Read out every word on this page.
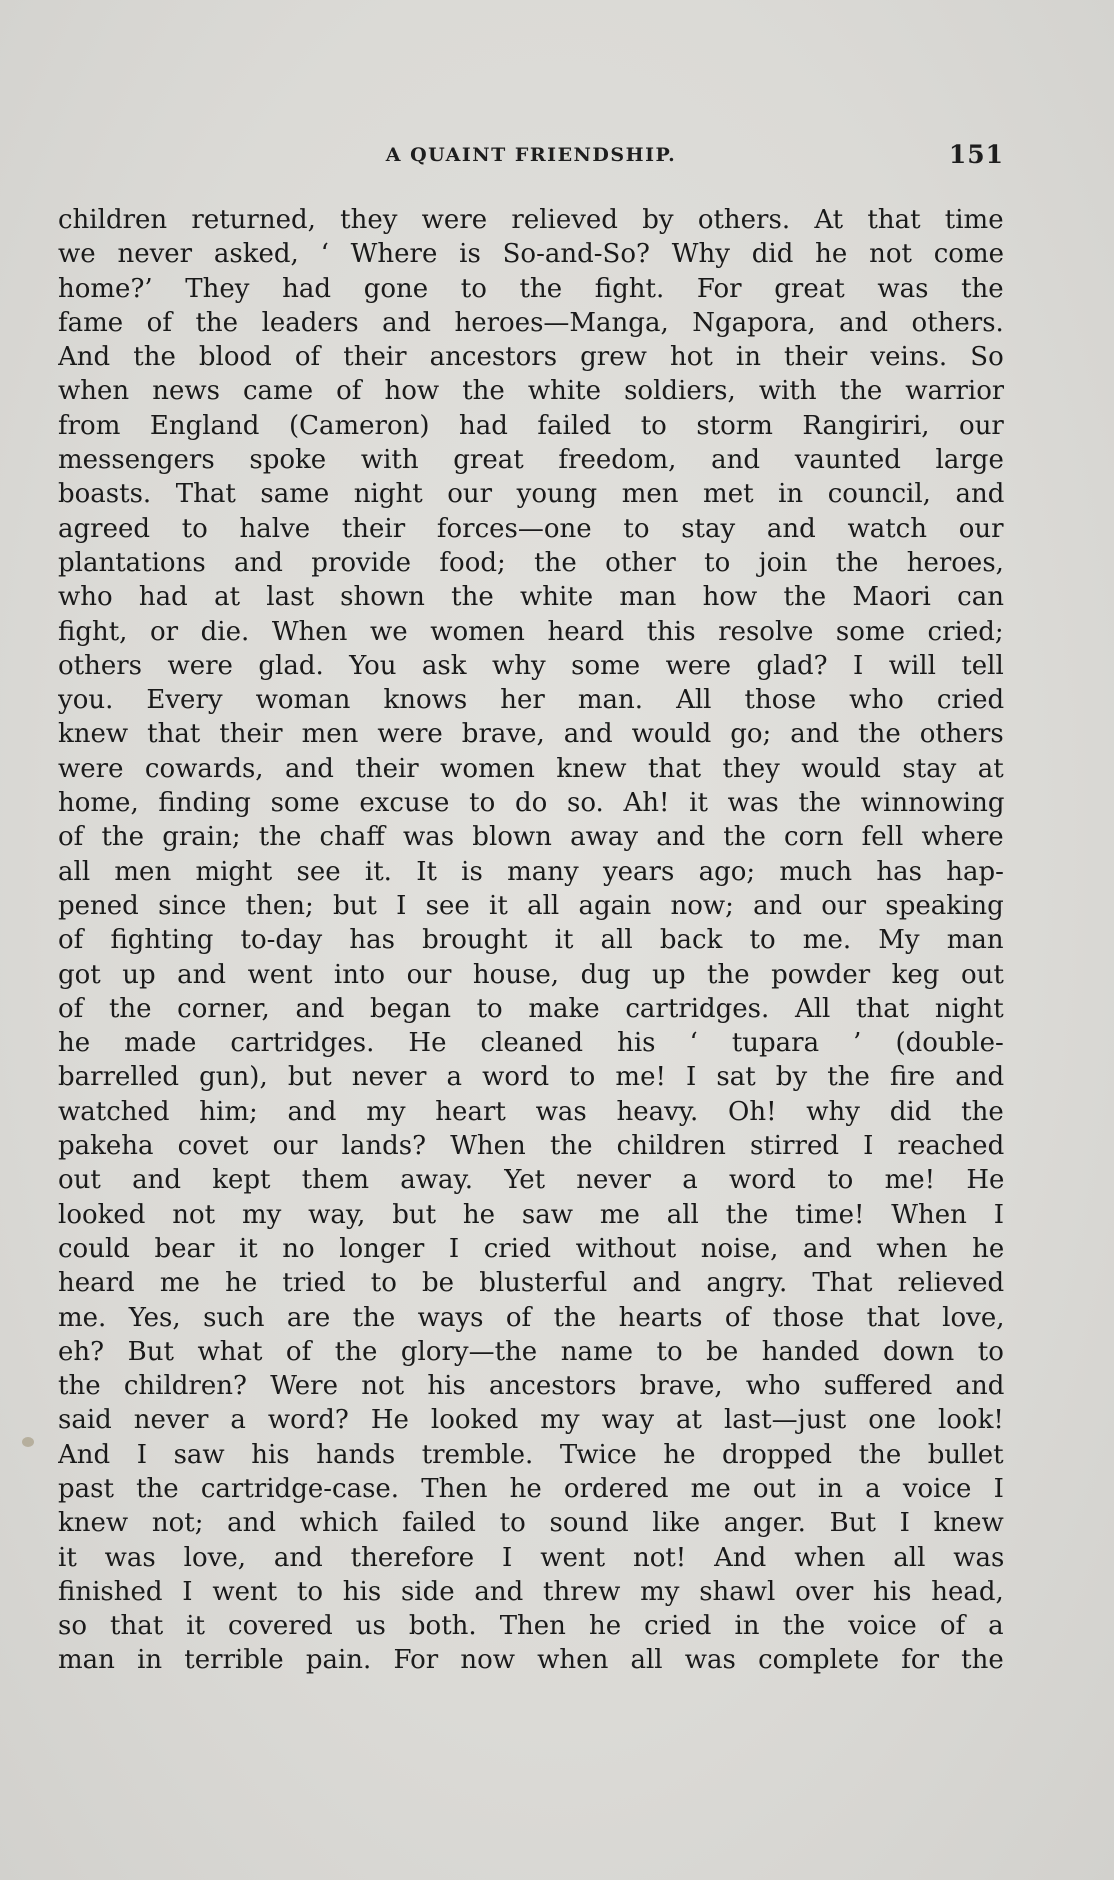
A QUAINT FRIENDSHIP.	151
children returned, they were relieved by others. At that time
we never asked, ‘ Where is So-and-So? Why did he not come
home?’ They had gone to the fight. For great was the
fame of the leaders and heroes—Manga, Ngapora, and others.
And the blood of their ancestors grew hot in their veins. So
when news came of how the white soldiers, with the warrior
from England (Cameron) had failed to storm Rangiriri, our
messengers spoke with great freedom, and vaunted large
boasts. That same night our young men met in council, and
agreed to halve their forces—one to stay and watch our
plantations and provide food; the other to join the heroes,
who had at last shown the white man how the Maori can
fight, or die. When we women heard this resolve some cried;
others were glad. You ask why some were glad? I will tell
you. Every woman knows her man. All those who cried
knew that their men were brave, and would go; and the others
were cowards, and their women knew that they would stay at
home, finding some excuse to do so. Ah! it was the winnowing
of the grain; the chaff was blown away and the corn fell where
all men might see it. It is many years ago; much has hap-
pened since then; but I see it all again now; and our speaking
of fighting to-day has brought it all back to me. My man
got up and went into our house, dug up the powder keg out
of the corner, and began to make cartridges. All that night
he made cartridges. He cleaned his ‘ tupara ’ (double-
barrelled gun), but never a word to me! I sat by the fire and
watched him; and my heart was heavy. Oh! why did the
pakeha covet our lands? When the children stirred I reached
out and kept them away. Yet never a word to me! He
looked not my way, but he saw me all the time! When I
could bear it no longer I cried without noise, and when he
heard me he tried to be blusterful and angry. That relieved
me. Yes, such are the ways of the hearts of those that love,
eh? But what of the glory—the name to be handed down to
the children? Were not his ancestors brave, who suffered and
said never a word? He looked my way at last—just one look!
And I saw his hands tremble. Twice he dropped the bullet
past the cartridge-case. Then he ordered me out in a voice I
knew not; and which failed to sound like anger. But I knew
it was love, and therefore I went not! And when all was
finished I went to his side and threw my shawl over his head,
so that it covered us both. Then he cried in the voice of a
man in terrible pain. For now when all was complete for the
